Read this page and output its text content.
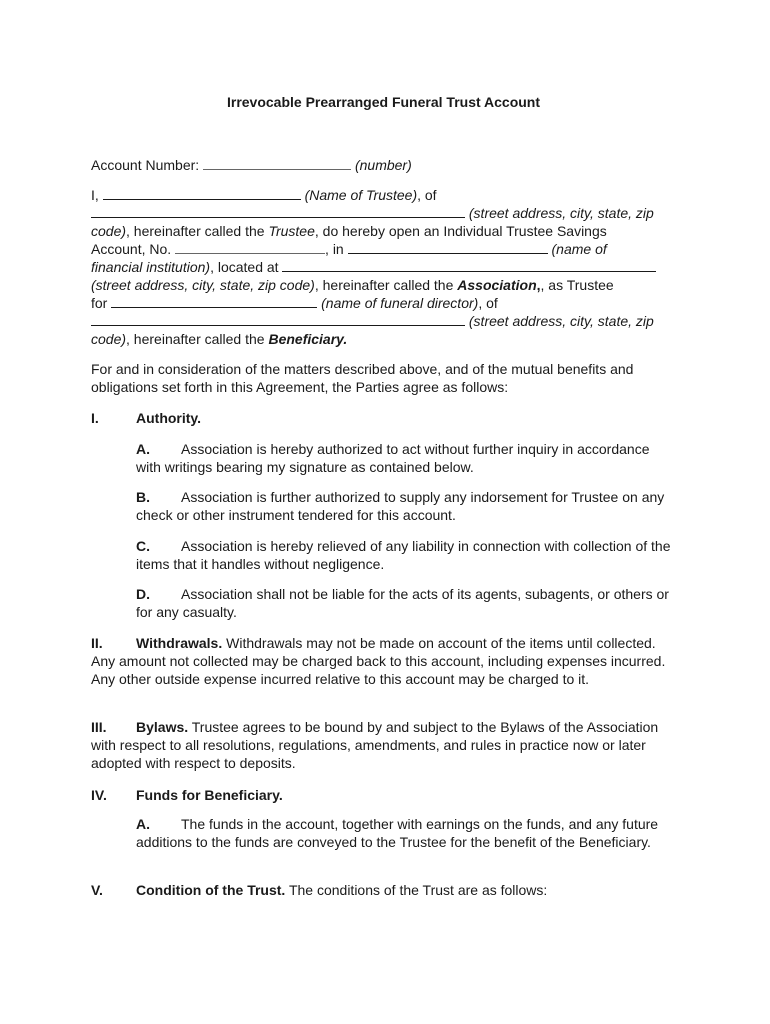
Irrevocable Prearranged Funeral Trust Account
Account Number:	(number)
I,	(Name of Trustee), of
(street address, city, state, zip
code), hereinafter called the Trustee, do hereby open an Individual Trustee Savings
Account, No.	, in	(name of
financial institution), located at
(street address, city, state, zip code), hereinafter called the Association,, as Trustee
for	(name of funeral director), of
(street address, city, state, zip
code), hereinafter called the Beneficiary.

For and in consideration of the matters described above, and of the mutual benefits and obligations set forth in this Agreement, the Parties agree as follows:

I.	Authority.

A. Association is hereby authorized to act without further inquiry in accordance with writings bearing my signature as contained below.

B. Association is further authorized to supply any indorsement for Trustee on any check or other instrument tendered for this account.

C. Association is hereby relieved of any liability in connection with collection of the items that it handles without negligence.

D. Association shall not be liable for the acts of its agents, subagents, or others or for any casualty.

II. Withdrawals. Withdrawals may not be made on account of the items until collected. Any amount not collected may be charged back to this account, including expenses incurred. Any other outside expense incurred relative to this account may be charged to it.

III. Bylaws. Trustee agrees to be bound by and subject to the Bylaws of the Association with respect to all resolutions, regulations, amendments, and rules in practice now or later adopted with respect to deposits.

IV. Funds for Beneficiary.

A. The funds in the account, together with earnings on the funds, and any future additions to the funds are conveyed to the Trustee for the benefit of the Beneficiary.

V. Condition of the Trust. The conditions of the Trust are as follows:
